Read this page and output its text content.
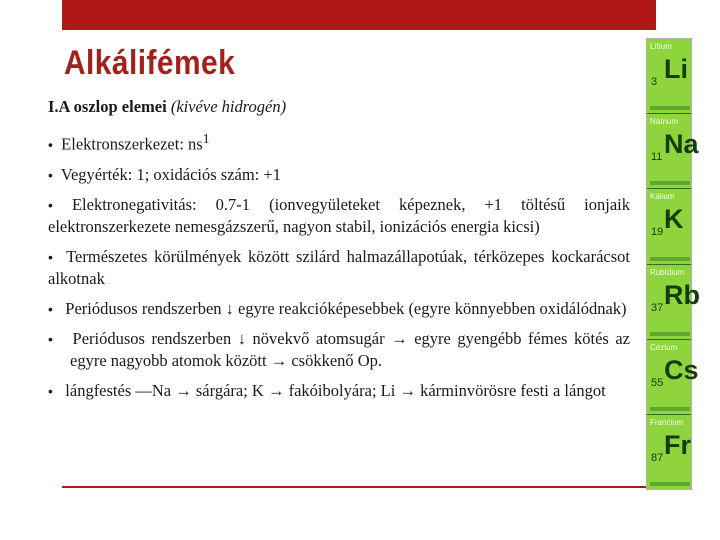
Alkálifémek

I.A oszlop elemei (kivéve hidrogén)

• Elektronszerkezet: $ns^1$

• Vegyérték: 1; oxidációs szám: +1

• Elektronegativitás: 0.7-1 (ionvegyületeket képeznek, +1 töltésű ionjaik elektronszerkezete nemesgázszerű, nagyon stabil, ionizációs energia kicsi)

• Természetes körülmények között szilárd halmazállapotúak, térközepes kockarácsot alkotnak

• Periódusos rendszerben ↓ egyre reakcióképesebbek (egyre könnyebben oxidálódnak)

• Periódusos rendszerben ↓ növekvő atomsugár → egyre gyengébb fémes kötés az egyre nagyobb atomok között → csökkenő Op.

• lángfestés —Na → sárgára; K → fakóibolyára; Li → kárminvörösre festi a lángot

Lítium
3 Li
Nátrium
11 Na
Kálium
19 K
Rubídium
37 Rb
Cézium
55 Cs
Francium
87 Fr
